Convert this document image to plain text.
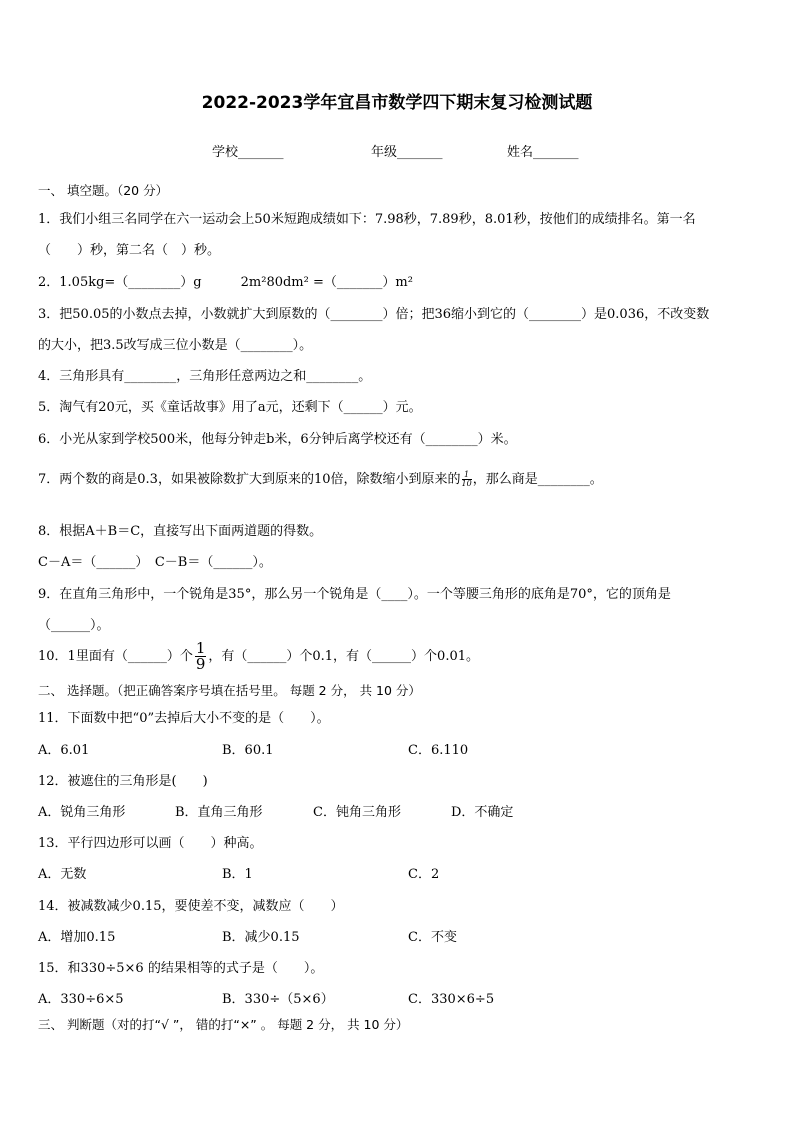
2022-2023学年宜昌市数学四下期末复习检测试题
学校_______	年级_______	姓名_______
一、 填空题。（20 分）
1．我们小组三名同学在六一运动会上50米短跑成绩如下：7.98秒，7.89秒，8.01秒，按他们的成绩排名。第一名
（　　）秒，第二名（　）秒。
2．1.05kg=（________）g　　　2m²80dm² =（_______）m²
3．把50.05的小数点去掉，小数就扩大到原数的（________）倍；把36缩小到它的（________）是0.036，不改变数
的大小，把3.5改写成三位小数是（________）。
4．三角形具有________，三角形任意两边之和________。
5．淘气有20元，买《童话故事》用了a元，还剩下（______）元。
6．小光从家到学校500米，他每分钟走b米，6分钟后离学校还有（________）米。
7．两个数的商是0.3，如果被除数扩大到原来的10倍，除数缩小到原来的 $\frac{1}{10}$ ，那么商是________。
8．根据A＋B＝C，直接写出下面两道题的得数。
C－A＝（______）　C－B＝（______）。
9．在直角三角形中，一个锐角是35°，那么另一个锐角是（____）。一个等腰三角形的底角是70°，它的顶角是
（______）。
10．1里面有（______）个 $\frac{1}{9}$ ，有（______）个0.1，有（______）个0.01。
二、 选择题。（把正确答案序号填在括号里。 每题 2 分， 共 10 分）
11．下面数中把“0”去掉后大小不变的是（　　）。
A．6.01	B．60.1	C．6.110
12．被遮住的三角形是(　　)
A．锐角三角形	B．直角三角形	C．钝角三角形	D．不确定
13．平行四边形可以画（　　）种高。
A．无数	B．1	C．2
14．被减数减少0.15，要使差不变，减数应（　　）
A．增加0.15	B．减少0.15	C．不变
15．和330÷5×6 的结果相等的式子是（　　）。
A．330÷6×5	B．330÷（5×6）	C．330×6÷5
三、 判断题（对的打“√ ”， 错的打“×” 。 每题 2 分， 共 10 分）
